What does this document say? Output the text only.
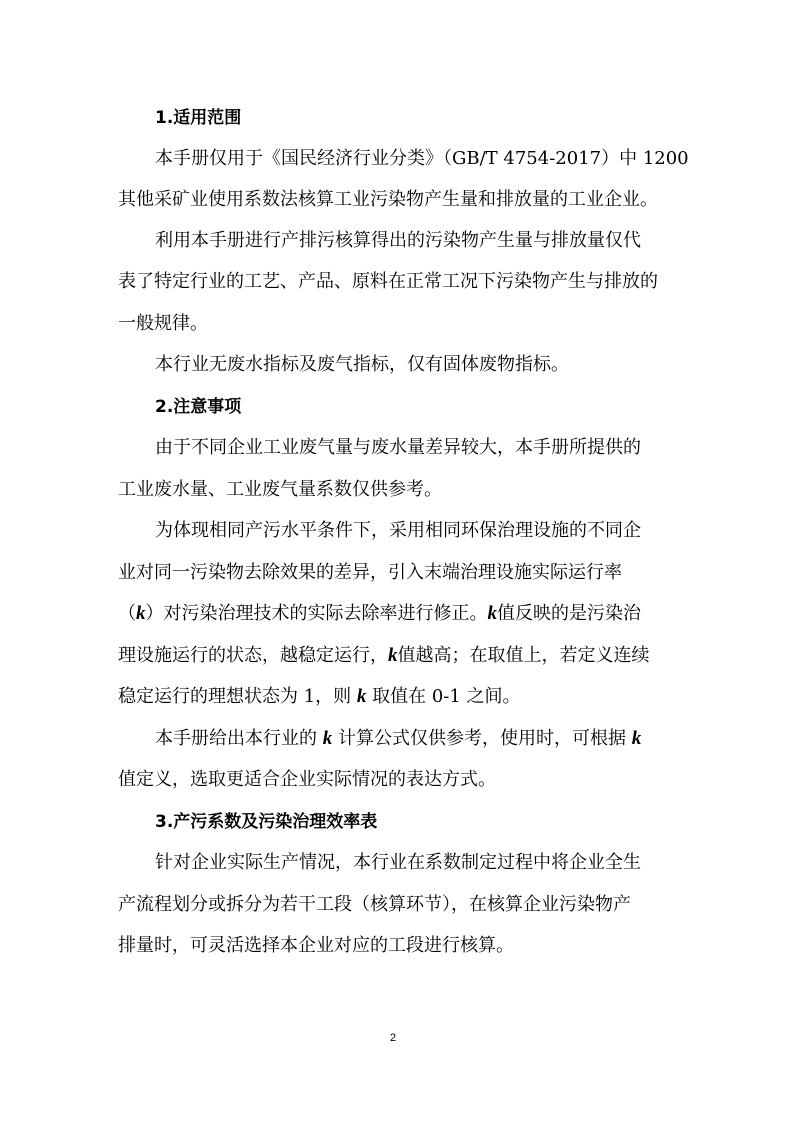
1.适用范围
本手册仅用于《国民经济行业分类》（GB/T 4754-2017）中 1200
其他采矿业使用系数法核算工业污染物产生量和排放量的工业企业。
利用本手册进行产排污核算得出的污染物产生量与排放量仅代
表了特定行业的工艺、产品、原料在正常工况下污染物产生与排放的
一般规律。
本行业无废水指标及废气指标，仅有固体废物指标。
2.注意事项
由于不同企业工业废气量与废水量差异较大，本手册所提供的
工业废水量、工业废气量系数仅供参考。
为体现相同产污水平条件下，采用相同环保治理设施的不同企
业对同一污染物去除效果的差异，引入末端治理设施实际运行率
（k）对污染治理技术的实际去除率进行修正。k值反映的是污染治
理设施运行的状态，越稳定运行，k值越高；在取值上，若定义连续
稳定运行的理想状态为 1，则 k 取值在 0-1 之间。
本手册给出本行业的 k 计算公式仅供参考，使用时，可根据 k
值定义，选取更适合企业实际情况的表达方式。
3.产污系数及污染治理效率表
针对企业实际生产情况，本行业在系数制定过程中将企业全生
产流程划分或拆分为若干工段（核算环节），在核算企业污染物产
排量时，可灵活选择本企业对应的工段进行核算。
2
